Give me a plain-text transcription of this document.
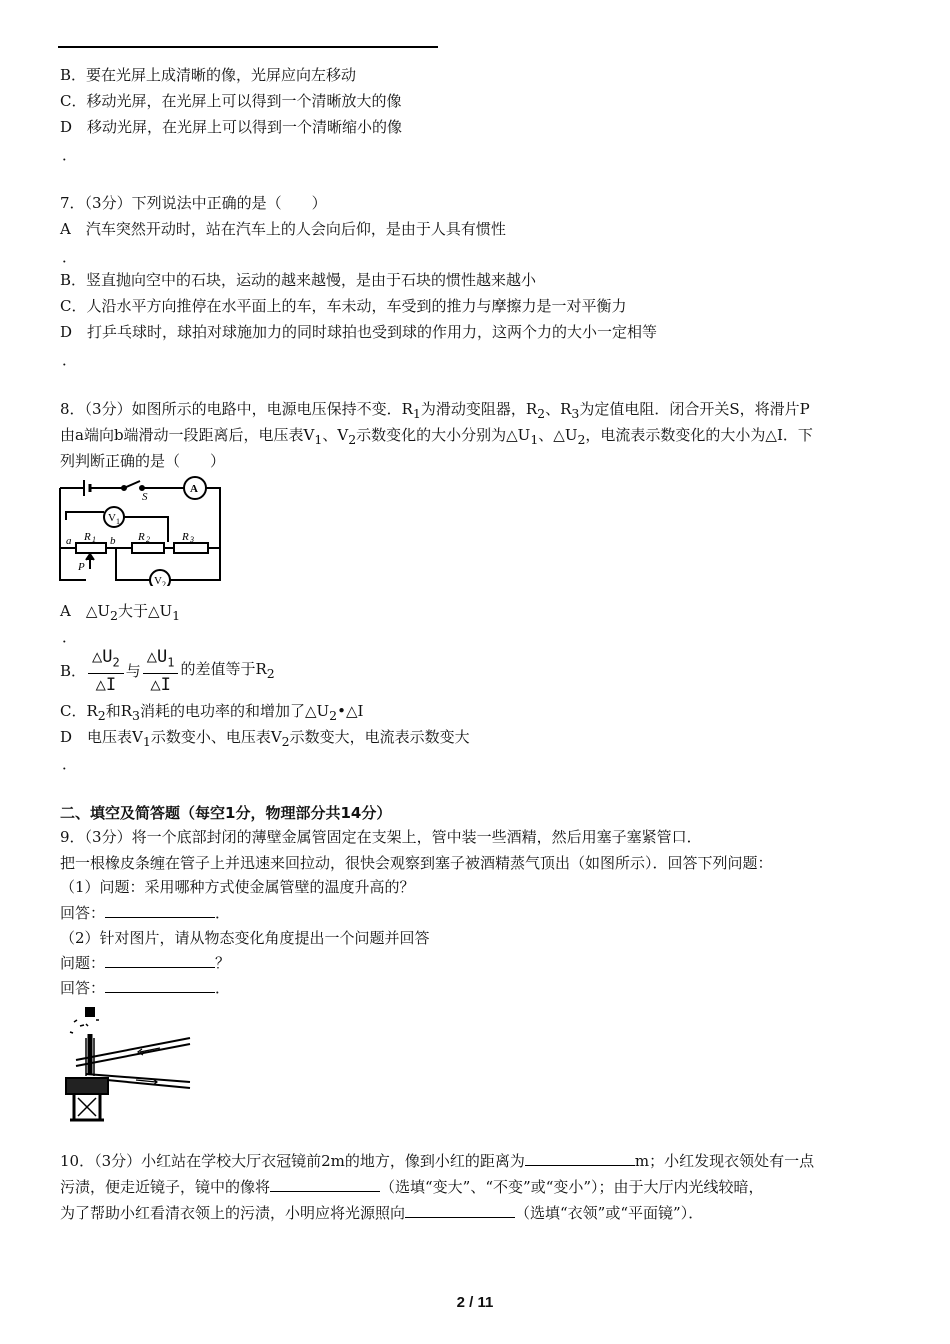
B．要在光屏上成清晰的像，光屏应向左移动
C．移动光屏，在光屏上可以得到一个清晰放大的像
D　移动光屏，在光屏上可以得到一个清晰缩小的像
．
7．（3分）下列说法中正确的是（　　）
A　汽车突然开动时，站在汽车上的人会向后仰，是由于人具有惯性
．
B．竖直抛向空中的石块，运动的越来越慢，是由于石块的惯性越来越小
C．人沿水平方向推停在水平面上的车，车未动，车受到的推力与摩擦力是一对平衡力
D　打乒乓球时，球拍对球施加力的同时球拍也受到球的作用力，这两个力的大小一定相等
．
8．（3分）如图所示的电路中，电源电压保持不变．$R_1$为滑动变阻器，$R_2$、$R_3$为定值电阻．闭合开关S，将滑片P
由a端向b端滑动一段距离后，电压表$V_1$、$V_2$示数变化的大小分别为$\triangle U_1$、$\triangle U_2$，电流表示数变化的大小为△I．下
列判断正确的是（　　）
S
A
V 1
V 2
R 1	R 2	R 3
a	b
P
A　$\triangle U_2$大于$\triangle U_1$
．
B． $\frac{\triangle U_2}{\triangle I}$ 与 $\frac{\triangle U_1}{\triangle I}$ 的差值等于$R_2$
C．$R_2$和$R_3$消耗的电功率的和增加了$\triangle U_2•\triangle I$
D　电压表$V_1$示数变小、电压表$V_2$示数变大，电流表示数变大
．
二、填空及简答题（每空1分，物理部分共14分）
9．（3分）将一个底部封闭的薄壁金属管固定在支架上，管中装一些酒精，然后用塞子塞紧管口．
把一根橡皮条缠在管子上并迅速来回拉动，很快会观察到塞子被酒精蒸气顶出（如图所示）．回答下列问题：
（1）问题：采用哪种方式使金属管壁的温度升高的？
回答：	．
（2）针对图片，请从物态变化角度提出一个问题并回答
问题：	？
回答：	．
10．（3分）小红站在学校大厅衣冠镜前2m的地方，像到小红的距离为	m；小红发现衣领处有一点
污渍，便走近镜子，镜中的像将	（选填“变大”、“不变”或“变小”）；由于大厅内光线较暗，
为了帮助小红看清衣领上的污渍，小明应将光源照向	（选填“衣领”或“平面镜”）．
2 / 11
